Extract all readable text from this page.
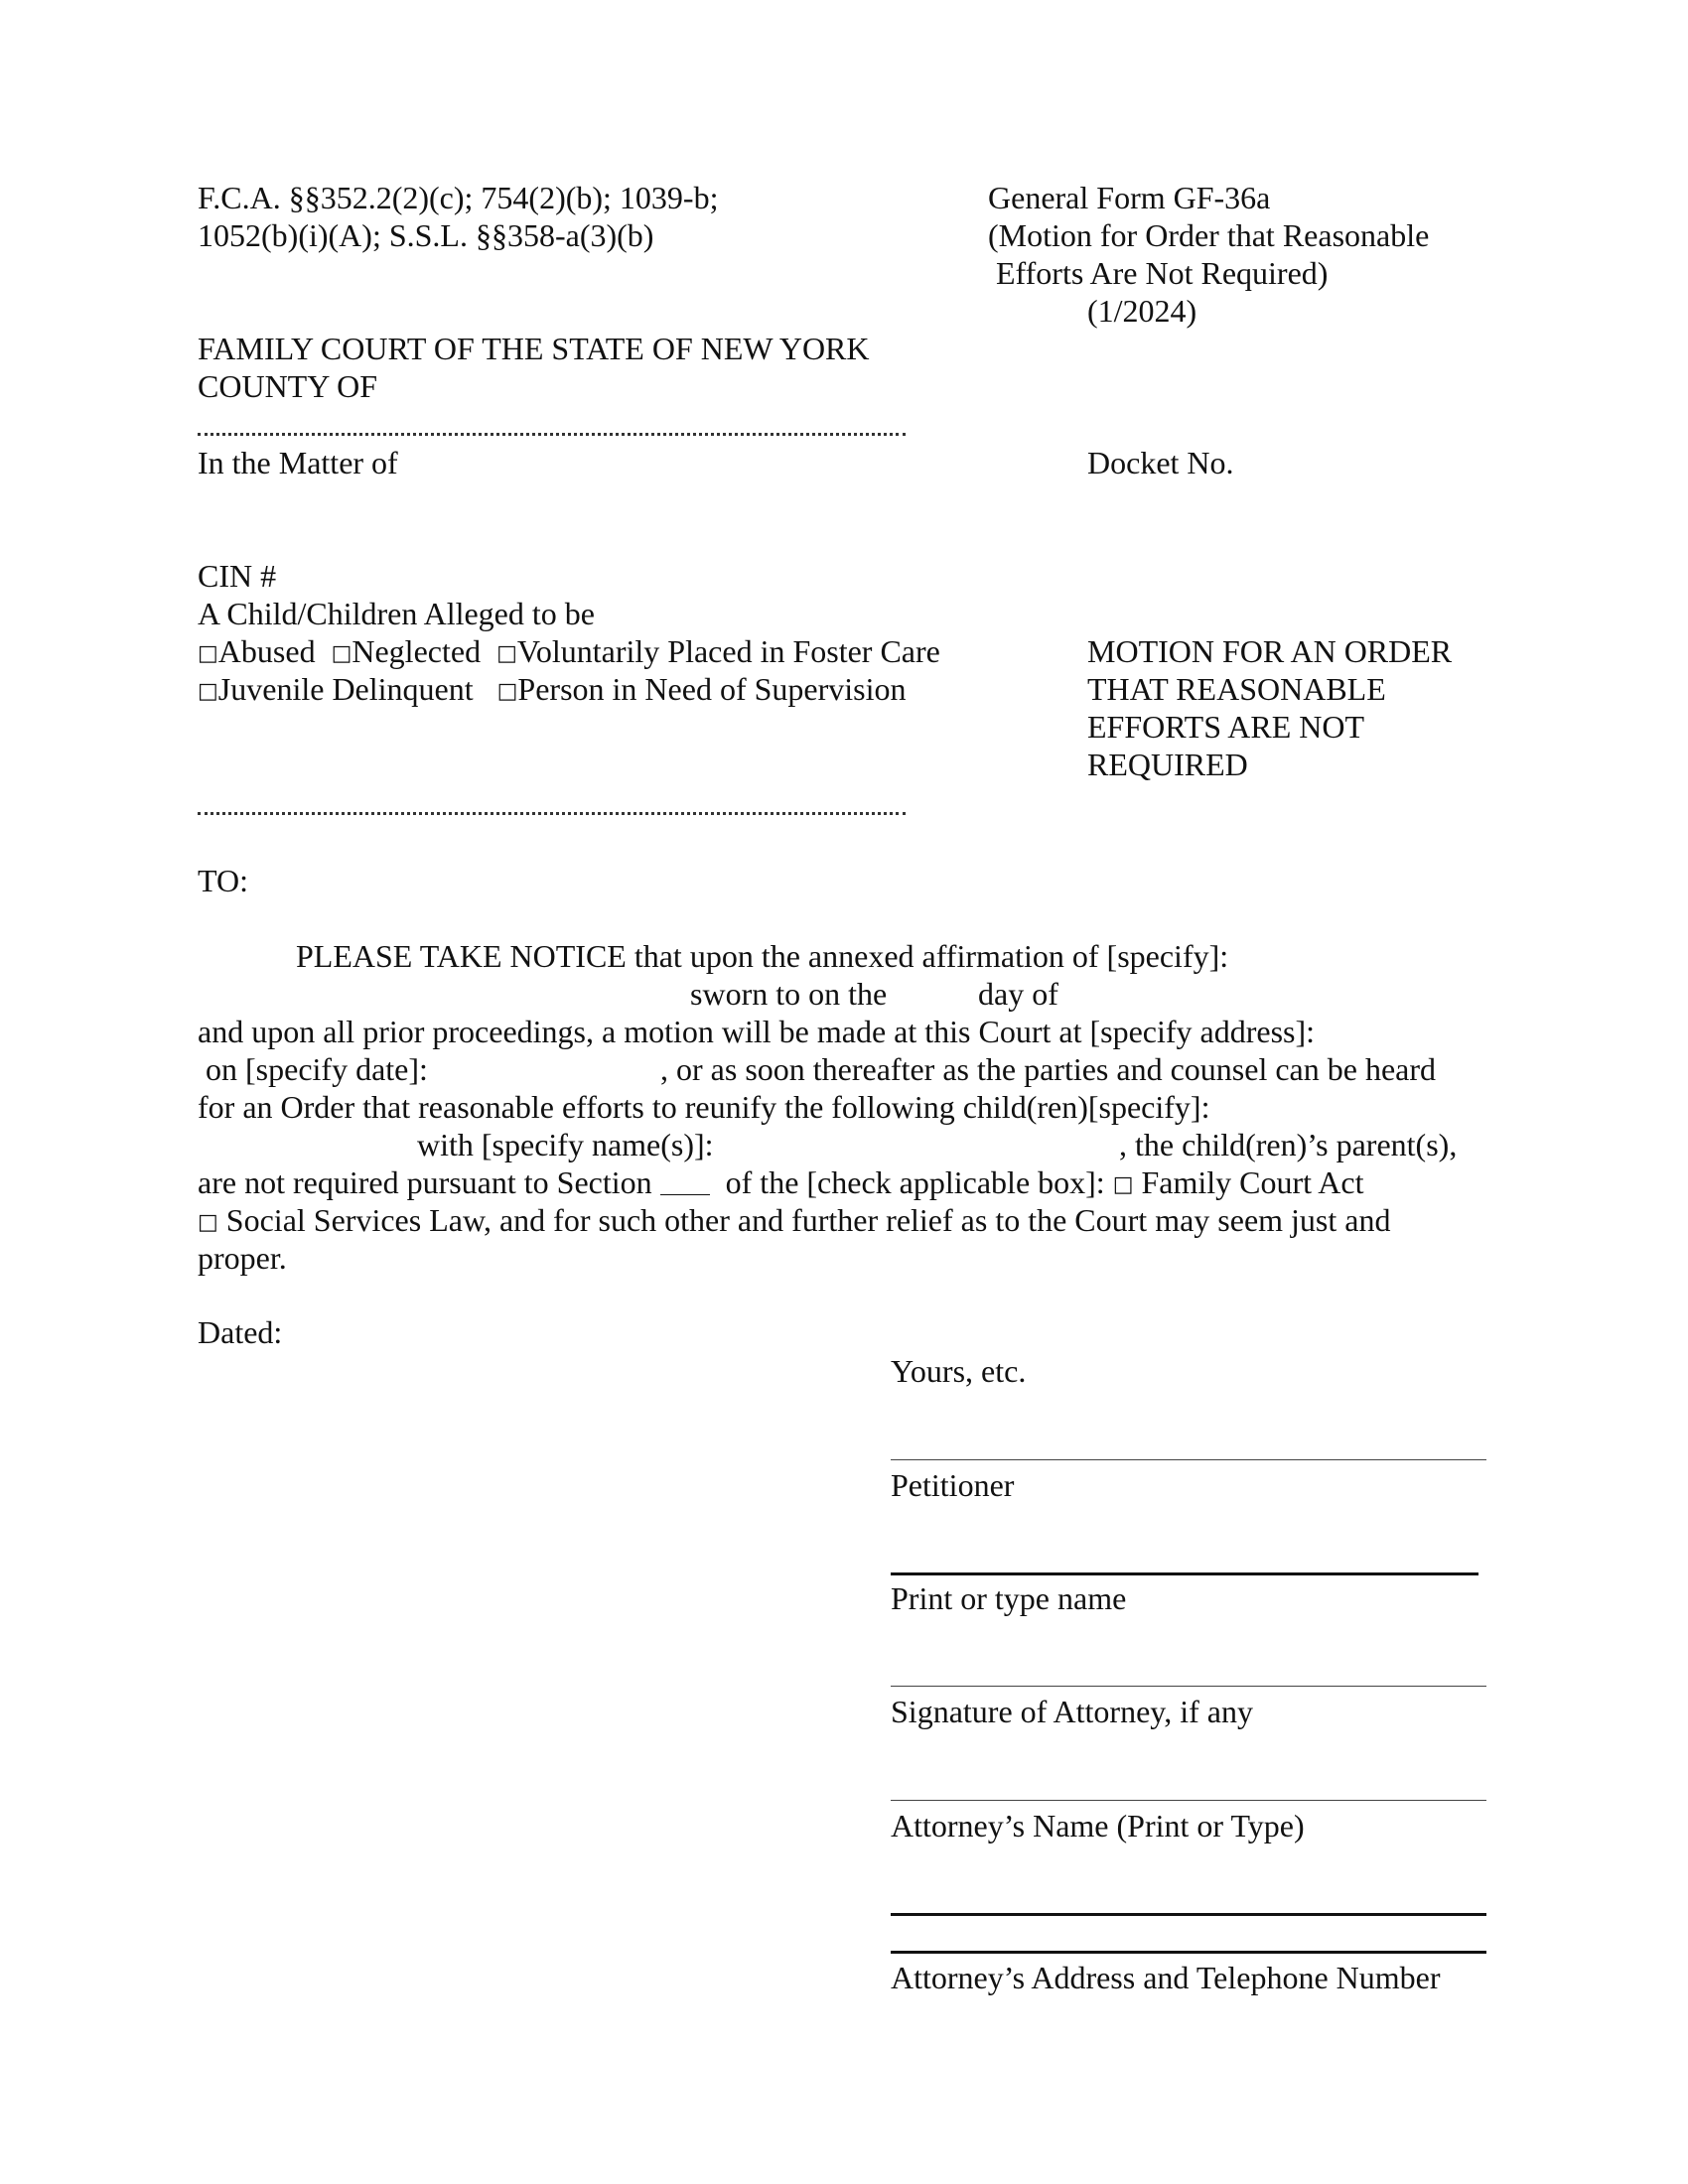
F.C.A. §§352.2(2)(c); 754(2)(b); 1039-b;
1052(b)(i)(A); S.S.L. §§358-a(3)(b)
General Form GF-36a
(Motion for Order that Reasonable
Efforts Are Not Required)
(1/2024)
FAMILY COURT OF THE STATE OF NEW YORK
COUNTY OF
In the Matter of	Docket No.
CIN #
A Child/Children Alleged to be
□Abused □Neglected □Voluntarily Placed in Foster Care
□Juvenile Delinquent □Person in Need of Supervision
MOTION FOR AN ORDER
THAT REASONABLE
EFFORTS ARE NOT
REQUIRED
TO:
PLEASE TAKE NOTICE that upon the annexed affirmation of [specify]:
sworn to on the	day of
and upon all prior proceedings, a motion will be made at this Court at [specify address]:
on [specify date]:	, or as soon thereafter as the parties and counsel can be heard
for an Order that reasonable efforts to reunify the following child(ren)[specify]:
with [specify name(s)]:	, the child(ren)’s parent(s),
are not required pursuant to Section of the [check applicable box]: □ Family Court Act
□ Social Services Law, and for such other and further relief as to the Court may seem just and
proper.
Dated:
Yours, etc.
Petitioner
Print or type name
Signature of Attorney, if any
Attorney’s Name (Print or Type)
Attorney’s Address and Telephone Number
